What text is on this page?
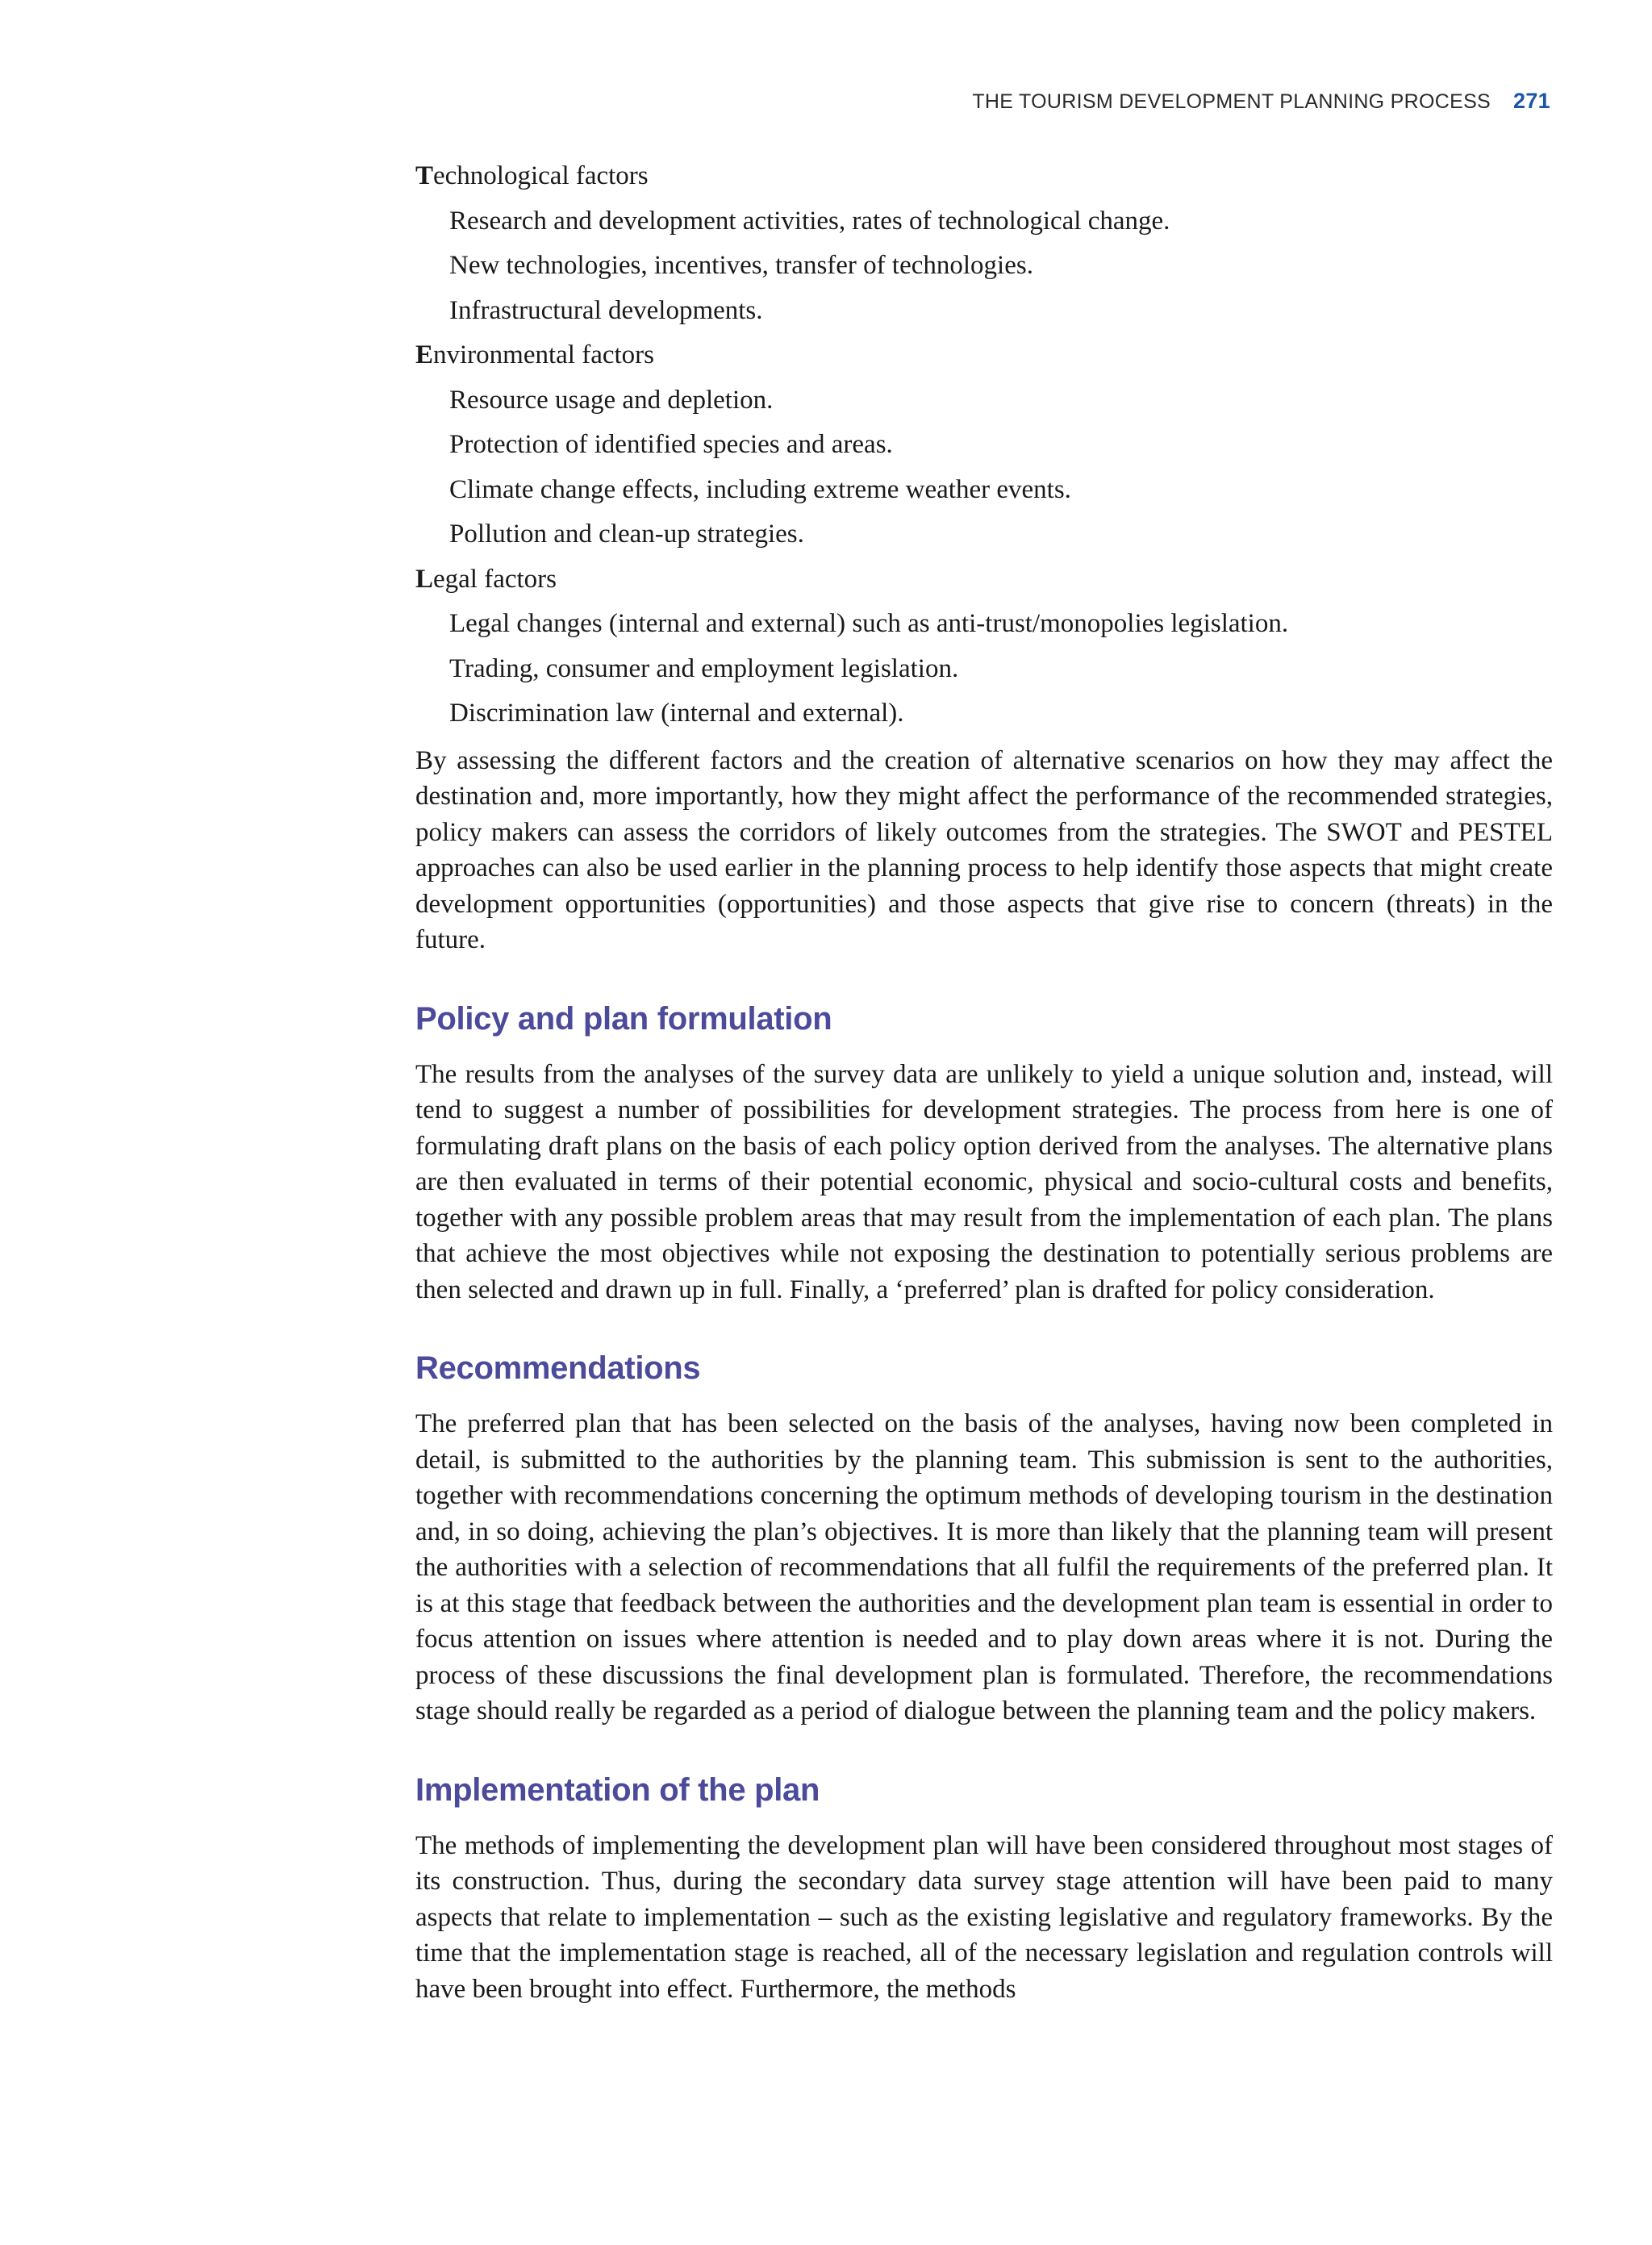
THE TOURISM DEVELOPMENT PLANNING PROCESS 271
Technological factors
Research and development activities, rates of technological change.
New technologies, incentives, transfer of technologies.
Infrastructural developments.
Environmental factors
Resource usage and depletion.
Protection of identified species and areas.
Climate change effects, including extreme weather events.
Pollution and clean-up strategies.
Legal factors
Legal changes (internal and external) such as anti-trust/monopolies legislation.
Trading, consumer and employment legislation.
Discrimination law (internal and external).

By assessing the different factors and the creation of alternative scenarios on how they may affect the destination and, more importantly, how they might affect the performance of the recommended strategies, policy makers can assess the corridors of likely outcomes from the strategies. The SWOT and PESTEL approaches can also be used earlier in the planning process to help identify those aspects that might create development opportunities (opportunities) and those aspects that give rise to concern (threats) in the future.

Policy and plan formulation

The results from the analyses of the survey data are unlikely to yield a unique solution and, instead, will tend to suggest a number of possibilities for development strategies. The process from here is one of formulating draft plans on the basis of each policy option derived from the analyses. The alternative plans are then evaluated in terms of their potential economic, physical and socio-cultural costs and benefits, together with any possible problem areas that may result from the implementation of each plan. The plans that achieve the most objectives while not exposing the destination to potentially serious problems are then selected and drawn up in full. Finally, a ‘preferred’ plan is drafted for policy consideration.

Recommendations

The preferred plan that has been selected on the basis of the analyses, having now been completed in detail, is submitted to the authorities by the planning team. This submission is sent to the authorities, together with recommendations concerning the optimum methods of developing tourism in the destination and, in so doing, achieving the plan’s objectives. It is more than likely that the planning team will present the authorities with a selection of recommendations that all fulfil the requirements of the preferred plan. It is at this stage that feedback between the authorities and the development plan team is essential in order to focus attention on issues where attention is needed and to play down areas where it is not. During the process of these discussions the final development plan is formulated. Therefore, the recommendations stage should really be regarded as a period of dialogue between the planning team and the policy makers.

Implementation of the plan

The methods of implementing the development plan will have been considered throughout most stages of its construction. Thus, during the secondary data survey stage attention will have been paid to many aspects that relate to implementation – such as the existing legislative and regulatory frameworks. By the time that the implementation stage is reached, all of the necessary legislation and regulation controls will have been brought into effect. Furthermore, the methods
